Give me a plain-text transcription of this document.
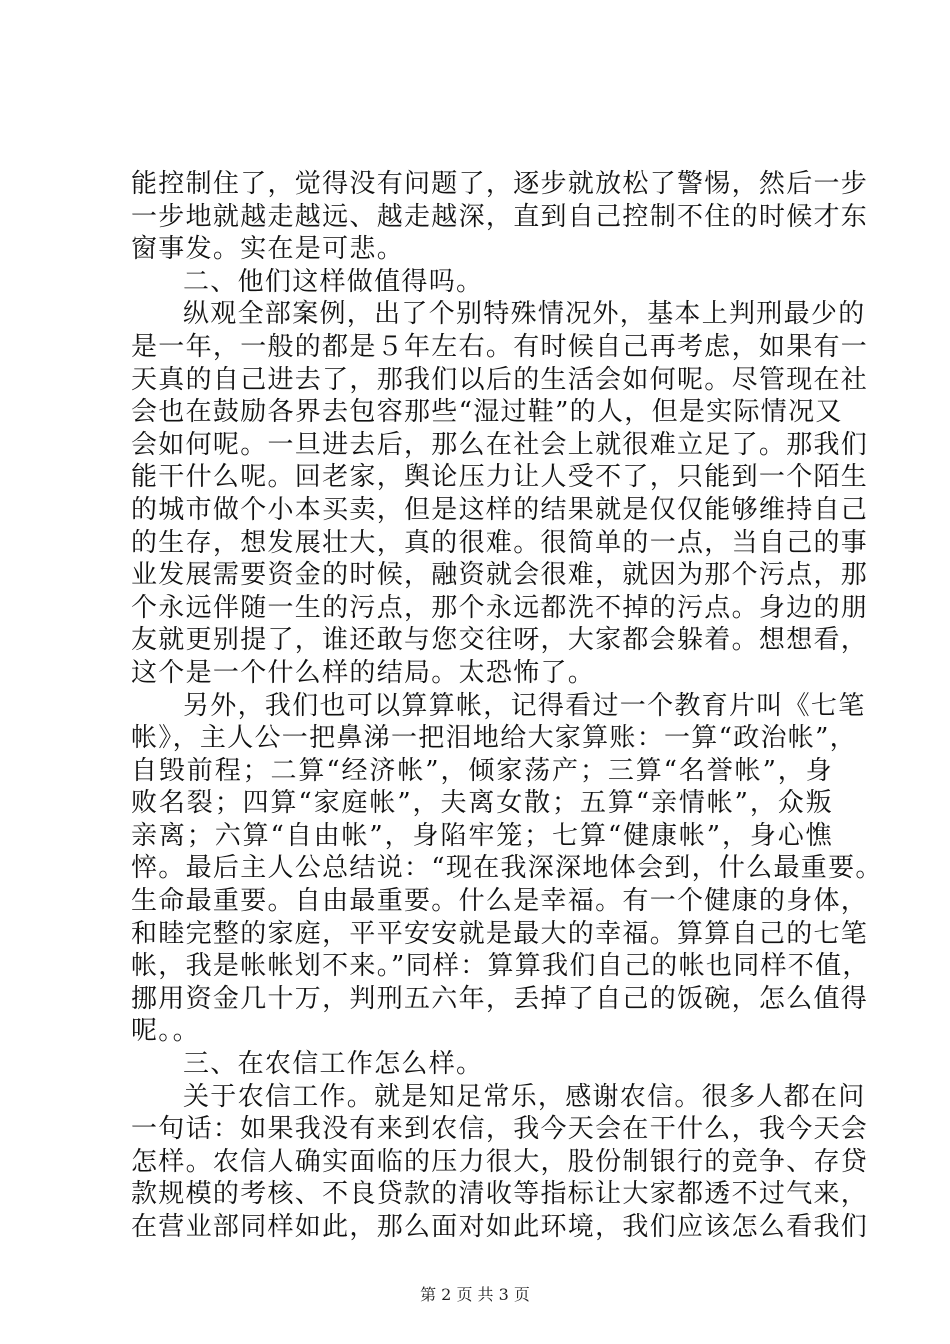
能控制住了，觉得没有问题了，逐步就放松了警惕，然后一步
一步地就越走越远、越走越深，直到自己控制不住的时候才东
窗事发。实在是可悲。
二、他们这样做值得吗。
纵观全部案例，出了个别特殊情况外，基本上判刑最少的
是一年，一般的都是５年左右。有时候自己再考虑，如果有一
天真的自己进去了，那我们以后的生活会如何呢。尽管现在社
会也在鼓励各界去包容那些“湿过鞋”的人，但是实际情况又
会如何呢。一旦进去后，那么在社会上就很难立足了。那我们
能干什么呢。回老家，舆论压力让人受不了，只能到一个陌生
的城市做个小本买卖，但是这样的结果就是仅仅能够维持自己
的生存，想发展壮大，真的很难。很简单的一点，当自己的事
业发展需要资金的时候，融资就会很难，就因为那个污点，那
个永远伴随一生的污点，那个永远都洗不掉的污点。身边的朋
友就更别提了，谁还敢与您交往呀，大家都会躲着。想想看，
这个是一个什么样的结局。太恐怖了。
另外，我们也可以算算帐，记得看过一个教育片叫《七笔
帐》，主人公一把鼻涕一把泪地给大家算账：一算“政治帐”，
自毁前程；二算“经济帐”，倾家荡产；三算“名誉帐”，身
败名裂；四算“家庭帐”，夫离女散；五算“亲情帐”，众叛
亲离；六算“自由帐”，身陷牢笼；七算“健康帐”，身心憔
悴。最后主人公总结说：“现在我深深地体会到，什么最重要。
生命最重要。自由最重要。什么是幸福。有一个健康的身体，
和睦完整的家庭，平平安安就是最大的幸福。算算自己的七笔
帐，我是帐帐划不来。”同样：算算我们自己的帐也同样不值，
挪用资金几十万，判刑五六年，丢掉了自己的饭碗，怎么值得
呢。。
三、在农信工作怎么样。
关于农信工作。就是知足常乐，感谢农信。很多人都在问
一句话：如果我没有来到农信，我今天会在干什么，我今天会
怎样。农信人确实面临的压力很大，股份制银行的竞争、存贷
款规模的考核、不良贷款的清收等指标让大家都透不过气来，
在营业部同样如此，那么面对如此环境，我们应该怎么看我们
第 2 页 共 3 页
